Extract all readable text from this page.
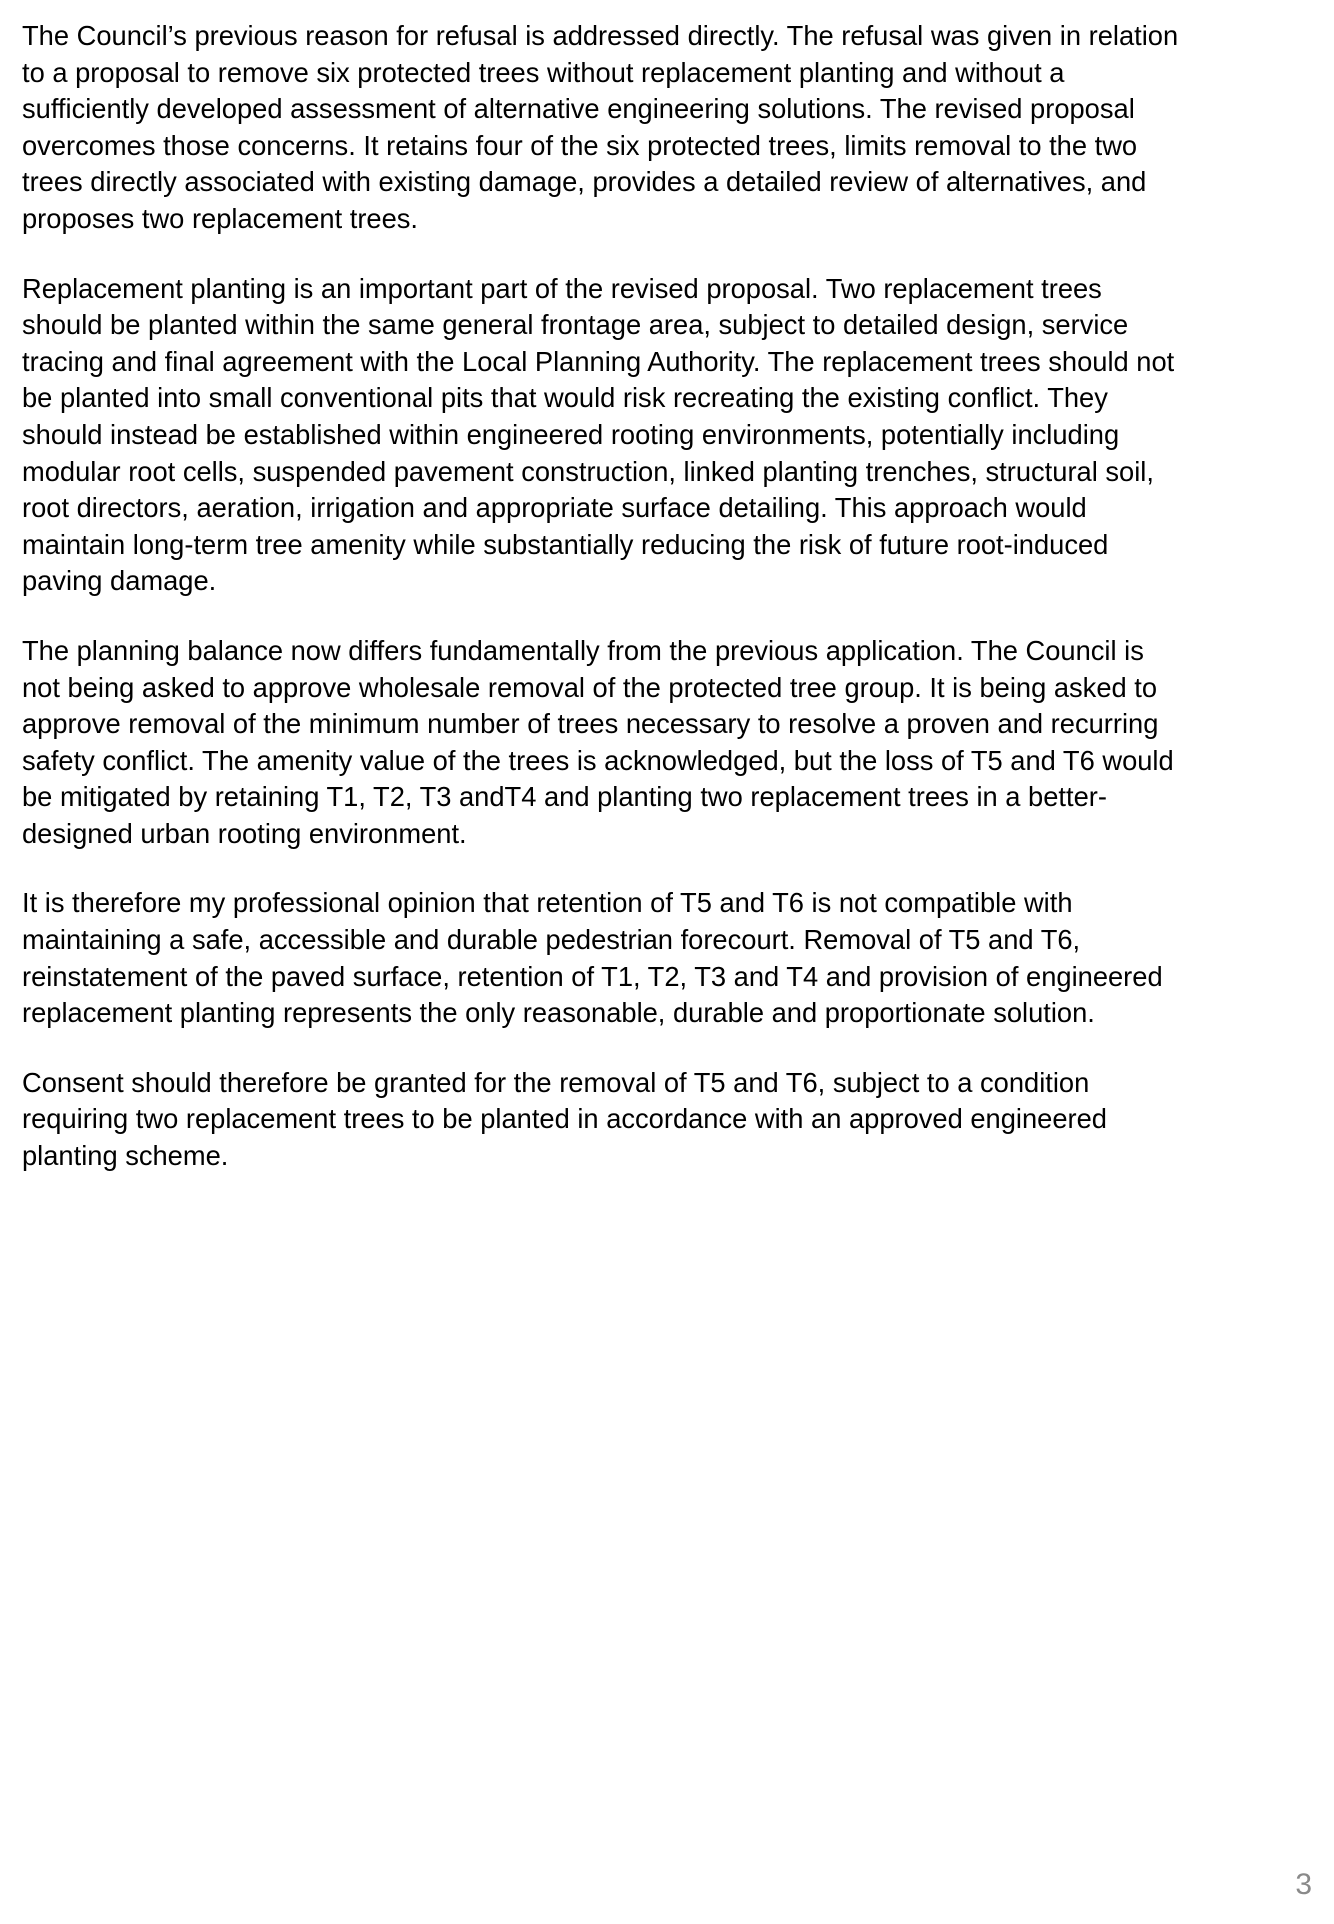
The Council’s previous reason for refusal is addressed directly. The refusal was given in relation
to a proposal to remove six protected trees without replacement planting and without a
sufficiently developed assessment of alternative engineering solutions. The revised proposal
overcomes those concerns. It retains four of the six protected trees, limits removal to the two
trees directly associated with existing damage, provides a detailed review of alternatives, and
proposes two replacement trees.

Replacement planting is an important part of the revised proposal. Two replacement trees
should be planted within the same general frontage area, subject to detailed design, service
tracing and final agreement with the Local Planning Authority. The replacement trees should not
be planted into small conventional pits that would risk recreating the existing conflict. They
should instead be established within engineered rooting environments, potentially including
modular root cells, suspended pavement construction, linked planting trenches, structural soil,
root directors, aeration, irrigation and appropriate surface detailing. This approach would
maintain long-term tree amenity while substantially reducing the risk of future root-induced
paving damage.

The planning balance now differs fundamentally from the previous application. The Council is
not being asked to approve wholesale removal of the protected tree group. It is being asked to
approve removal of the minimum number of trees necessary to resolve a proven and recurring
safety conflict. The amenity value of the trees is acknowledged, but the loss of T5 and T6 would
be mitigated by retaining T1, T2, T3 andT4 and planting two replacement trees in a better-
designed urban rooting environment.

It is therefore my professional opinion that retention of T5 and T6 is not compatible with
maintaining a safe, accessible and durable pedestrian forecourt. Removal of T5 and T6,
reinstatement of the paved surface, retention of T1, T2, T3 and T4 and provision of engineered
replacement planting represents the only reasonable, durable and proportionate solution.

Consent should therefore be granted for the removal of T5 and T6, subject to a condition
requiring two replacement trees to be planted in accordance with an approved engineered
planting scheme.

3
